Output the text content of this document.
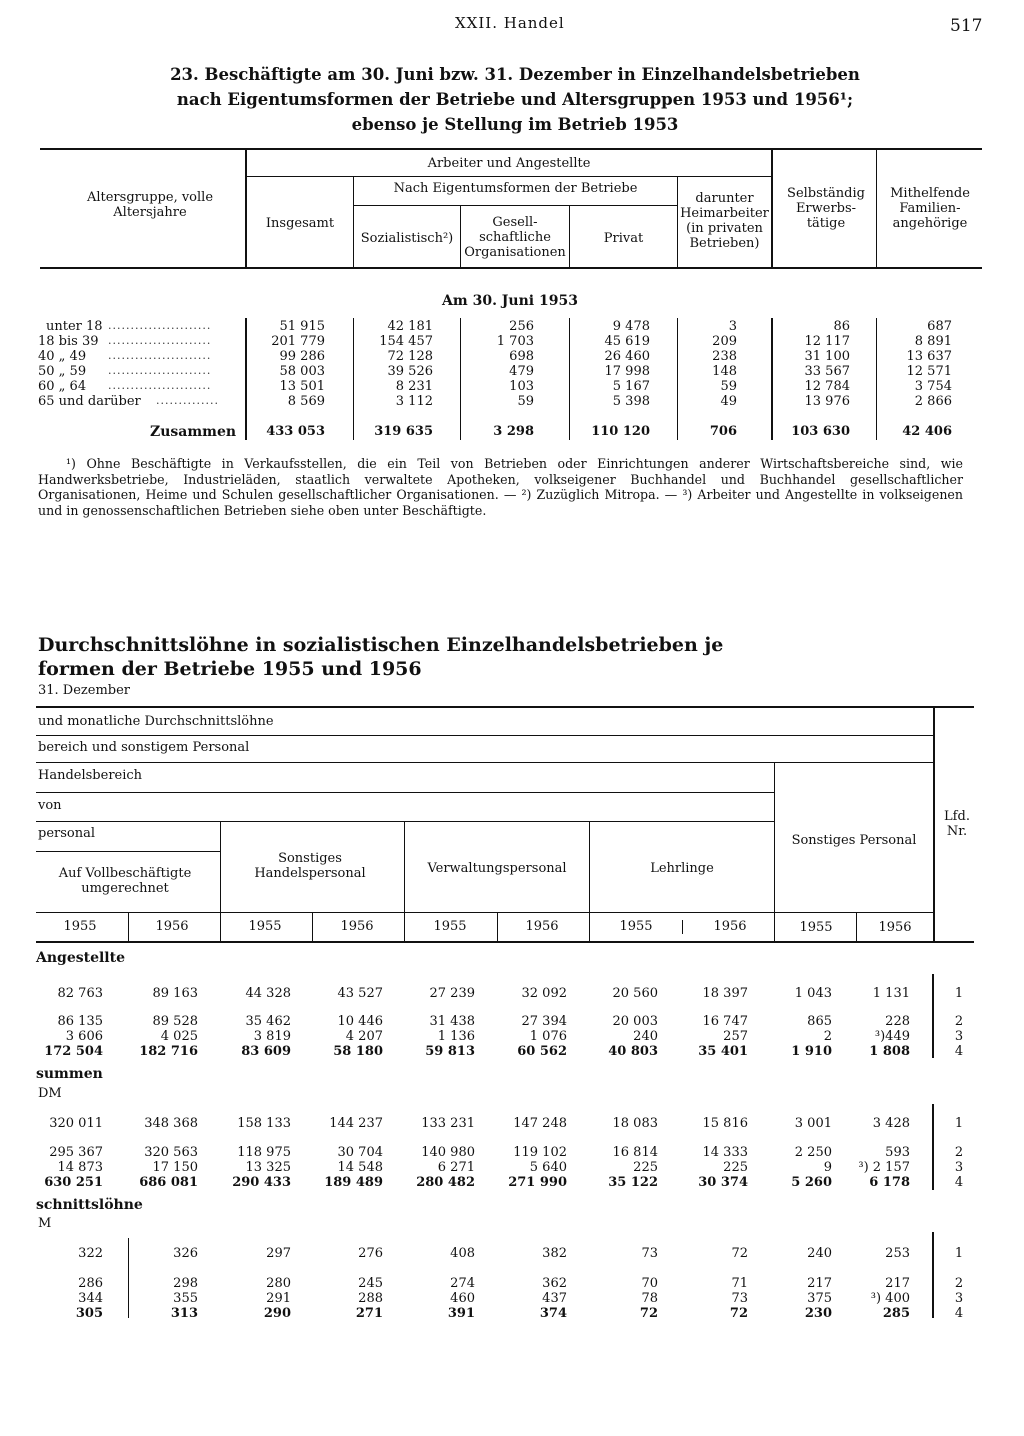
XXII. Handel	517
23. Beschäftigte am 30. Juni bzw. 31. Dezember in Einzelhandelsbetrieben
nach Eigentumsformen der Betriebe und Altersgruppen 1953 und 1956¹;
ebenso je Stellung im Betrieb 1953
Altersgruppe, volle Altersjahre
Arbeiter und Angestellte
Nach Eigentumsformen der Betriebe
Insgesamt
Sozialistisch²)
Gesell- schaftliche Organisationen
Privat
darunter Heimarbeiter (in privaten Betrieben)
Selbständig Erwerbs- tätige
Mithelfende Familien- angehörige
Am 30. Juni 1953
unter 18	51 915	42 181	256	9 478	3	86	687
18 bis 39	201 779	154 457	1 703	45 619	209	12 117	8 891
40 „ 49	99 286	72 128	698	26 460	238	31 100	13 637
50 „ 59	58 003	39 526	479	17 998	148	33 567	12 571
60 „ 64	13 501	8 231	103	5 167	59	12 784	3 754
65 und darüber	8 569	3 112	59	5 398	49	13 976	2 866
.......................
.......................
.......................
.......................
.......................
..............
Zusammen	433 053	319 635	3 298	110 120	706	103 630	42 406
¹) Ohne Beschäftigte in Verkaufsstellen, die ein Teil von Betrieben oder Einrichtungen anderer Wirtschaftsbereiche sind, wie Handwerksbetriebe, Industrieläden, staatlich verwaltete Apotheken, volkseigener Buchhandel und Buchhandel gesellschaftlicher Organisationen, Heime und Schulen gesellschaftlicher Organisationen. — ²) Zuzüglich Mitropa. — ³) Arbeiter und Angestellte in volkseigenen und in genossenschaftlichen Betrieben siehe oben unter Beschäftigte.
Durchschnittslöhne in sozialistischen Einzelhandelsbetrieben je
formen der Betriebe 1955 und 1956
31. Dezember
und monatliche Durchschnittslöhne
bereich und sonstigem Personal
Handelsbereich
von
personal
Auf Vollbeschäftigte umgerechnet
Sonstiges Handelspersonal	Verwaltungspersonal	Lehrlinge
Sonstiges Personal
Lfd. Nr.
1955	1956	1955	1956	1955	1956	1955	1956	1955	1956
Angestellte
82 763	89 163	44 328	43 527	27 239	32 092	20 560	18 397	1 043	1 131	1
86 135	89 528	35 462	10 446	31 438	27 394	20 003	16 747	865	228	2
3 606	4 025	3 819	4 207	1 136	1 076	240	257	2	³)449	3
172 504	182 716	83 609	58 180	59 813	60 562	40 803	35 401	1 910	1 808	4
summen
DM
320 011	348 368	158 133	144 237	133 231	147 248	18 083	15 816	3 001	3 428	1
295 367	320 563	118 975	30 704	140 980	119 102	16 814	14 333	2 250	593	2
14 873	17 150	13 325	14 548	6 271	5 640	225	225	9	³) 2 157	3
630 251	686 081	290 433	189 489	280 482	271 990	35 122	30 374	5 260	6 178	4
schnittslöhne
M
322	326	297	276	408	382	73	72	240	253	1
286	298	280	245	274	362	70	71	217	217	2
344	355	291	288	460	437	78	73	375	³) 400	3
305	313	290	271	391	374	72	72	230	285	4
